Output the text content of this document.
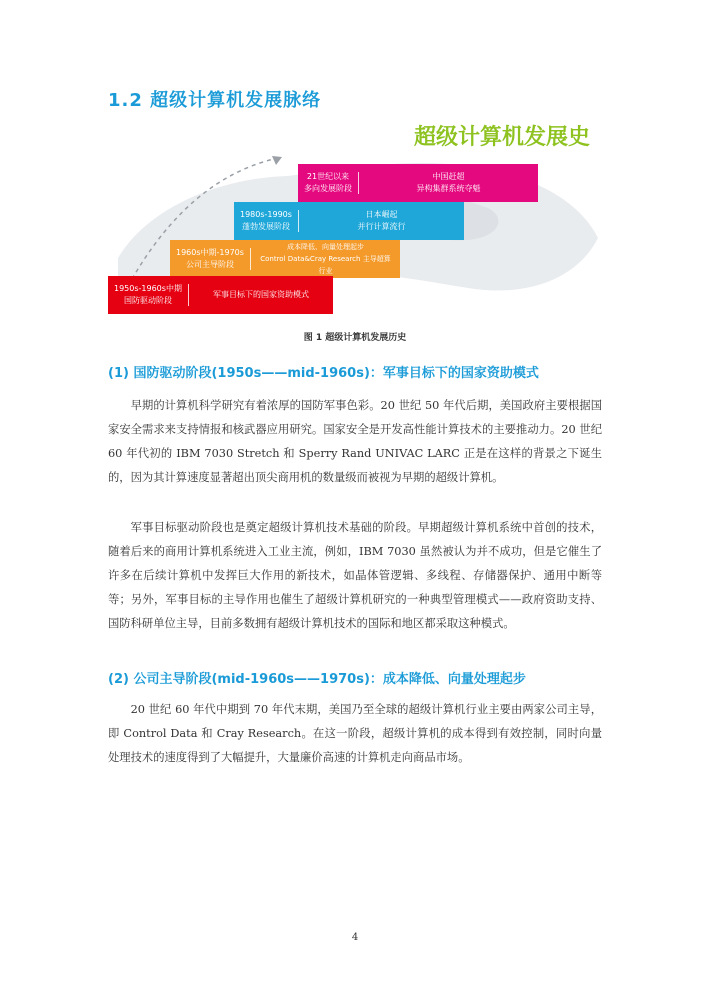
1.2 超级计算机发展脉络
超级计算机发展史
21世纪以来
多向发展阶段
中国赶超
异构集群系统夺魁
1980s-1990s
蓬勃发展阶段
日本崛起
并行计算流行
1960s中期-1970s
公司主导阶段
成本降低、向量处理起步
Control Data&Cray Research 主导超算行业
1950s-1960s中期
国防驱动阶段
军事目标下的国家资助模式
图 1 超级计算机发展历史
(1) 国防驱动阶段(1950s——mid-1960s)：军事目标下的国家资助模式

早期的计算机科学研究有着浓厚的国防军事色彩。20 世纪 50 年代后期，美国政府主要根据国家安全需求来支持情报和核武器应用研究。国家安全是开发高性能计算技术的主要推动力。20 世纪 60 年代初的 IBM 7030 Stretch 和 Sperry Rand UNIVAC LARC 正是在这样的背景之下诞生的，因为其计算速度显著超出顶尖商用机的数量级而被视为早期的超级计算机。

军事目标驱动阶段也是奠定超级计算机技术基础的阶段。早期超级计算机系统中首创的技术，随着后来的商用计算机系统进入工业主流，例如，IBM 7030 虽然被认为并不成功，但是它催生了许多在后续计算机中发挥巨大作用的新技术，如晶体管逻辑、多线程、存储器保护、通用中断等等；另外，军事目标的主导作用也催生了超级计算机研究的一种典型管理模式——政府资助支持、国防科研单位主导，目前多数拥有超级计算机技术的国际和地区都采取这种模式。

(2) 公司主导阶段(mid-1960s——1970s)：成本降低、向量处理起步

20 世纪 60 年代中期到 70 年代末期，美国乃至全球的超级计算机行业主要由两家公司主导，即 Control Data 和 Cray Research。在这一阶段，超级计算机的成本得到有效控制，同时向量处理技术的速度得到了大幅提升，大量廉价高速的计算机走向商品市场。

4
